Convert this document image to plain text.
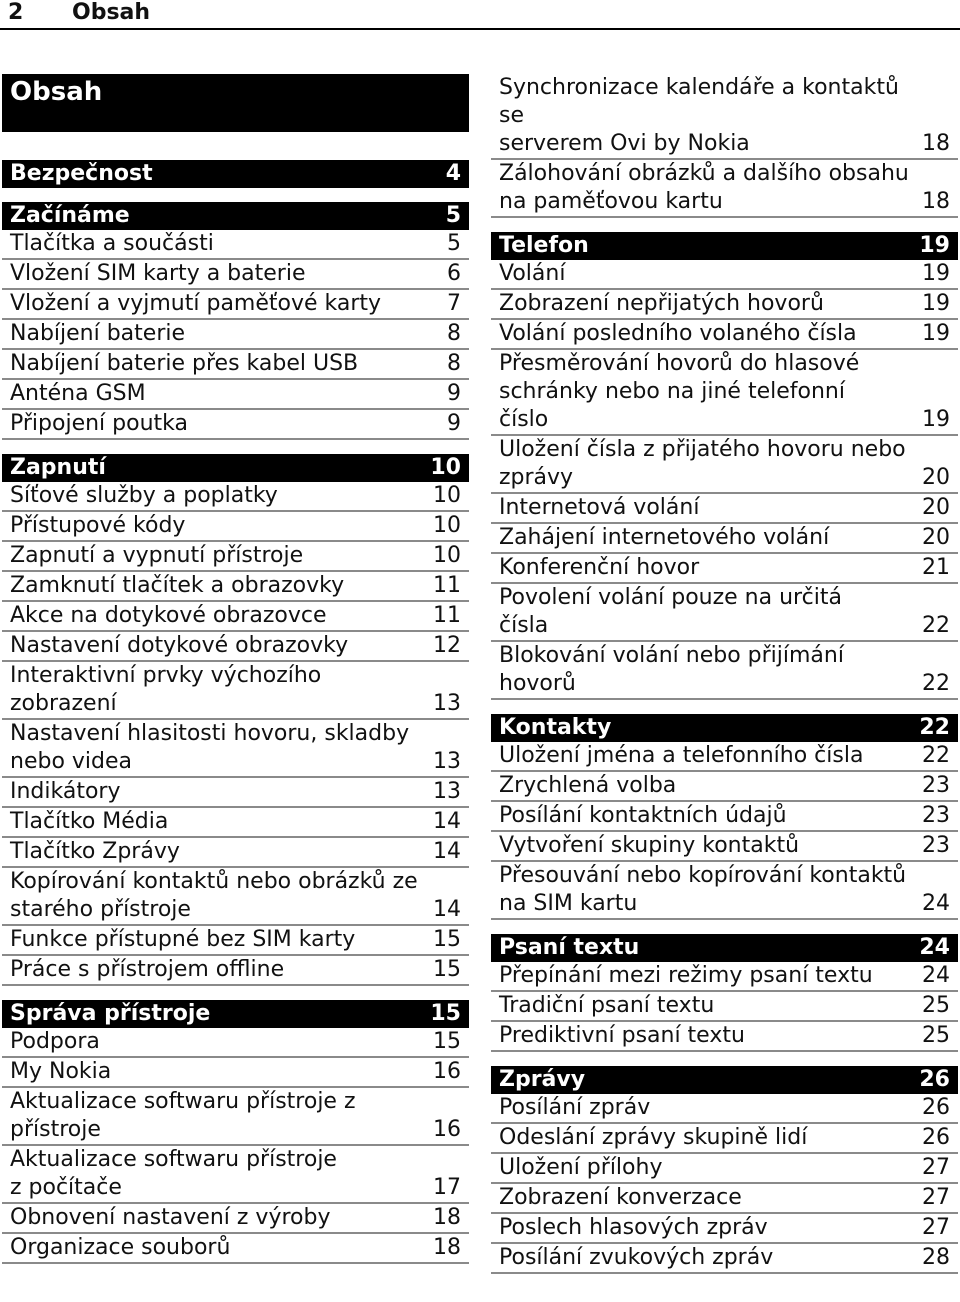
2 Obsah
Obsah
Bezpečnost	4
Začínáme	5
Tlačítka a součásti	5
Vložení SIM karty a baterie	6
Vložení a vyjmutí paměťové karty	7
Nabíjení baterie	8
Nabíjení baterie přes kabel USB	8
Anténa GSM	9
Připojení poutka	9
Zapnutí	10
Síťové služby a poplatky	10
Přístupové kódy	10
Zapnutí a vypnutí přístroje	10
Zamknutí tlačítek a obrazovky	11
Akce na dotykové obrazovce	11
Nastavení dotykové obrazovky	12
Interaktivní prvky výchozího
zobrazení	13
Nastavení hlasitosti hovoru, skladby
nebo videa	13
Indikátory	13
Tlačítko Média	14
Tlačítko Zprávy	14
Kopírování kontaktů nebo obrázků ze
starého přístroje	14
Funkce přístupné bez SIM karty	15
Práce s přístrojem offline	15
Správa přístroje	15
Podpora	15
My Nokia	16
Aktualizace softwaru přístroje z
přístroje	16
Aktualizace softwaru přístroje
z počítače	17
Obnovení nastavení z výroby	18
Organizace souborů	18
Synchronizace kalendáře a kontaktů se
serverem Ovi by Nokia	18
Zálohování obrázků a dalšího obsahu
na paměťovou kartu	18
Telefon	19
Volání	19
Zobrazení nepřijatých hovorů	19
Volání posledního volaného čísla	19
Přesměrování hovorů do hlasové
schránky nebo na jiné telefonní
číslo	19
Uložení čísla z přijatého hovoru nebo
zprávy	20
Internetová volání	20
Zahájení internetového volání	20
Konferenční hovor	21
Povolení volání pouze na určitá
čísla	22
Blokování volání nebo přijímání
hovorů	22
Kontakty	22
Uložení jména a telefonního čísla	22
Zrychlená volba	23
Posílání kontaktních údajů	23
Vytvoření skupiny kontaktů	23
Přesouvání nebo kopírování kontaktů
na SIM kartu	24
Psaní textu	24
Přepínání mezi režimy psaní textu	24
Tradiční psaní textu	25
Prediktivní psaní textu	25
Zprávy	26
Posílání zpráv	26
Odeslání zprávy skupině lidí	26
Uložení přílohy	27
Zobrazení konverzace	27
Poslech hlasových zpráv	27
Posílání zvukových zpráv	28
